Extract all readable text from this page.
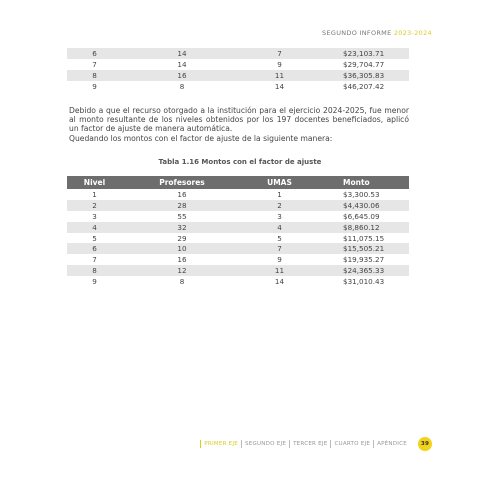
SEGUNDO INFORME 2023-2024
6	14	7	$23,103.71
7	14	9	$29,704.77
8	16	11	$36,305.83
9	8	14	$46,207.42

Debido a que el recurso otorgado a la institución para el ejercicio 2024-2025, fue menor al monto resultante de los niveles obtenidos por los 197 docentes beneficiados, aplicó un factor de ajuste de manera automática.

Quedando los montos con el factor de ajuste de la siguiente manera:

Tabla 1.16 Montos con el factor de ajuste
Nivel	Profesores	UMAS	Monto
1	16	1	$3,300.53
2	28	2	$4,430.06
3	55	3	$6,645.09
4	32	4	$8,860.12
5	29	5	$11,075.15
6	10	7	$15,505.21
7	16	9	$19,935.27
8	12	11	$24,365.33
9	8	14	$31,010.43
PRIMER EJE	SEGUNDO EJE	TERCER EJE	CUARTO EJE	APÉNDICE	39
